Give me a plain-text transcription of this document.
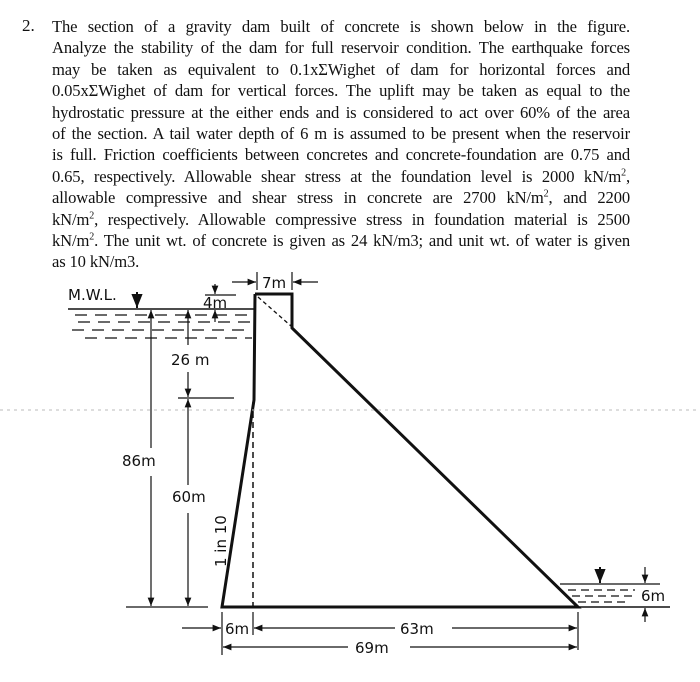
2. The section of a gravity dam built of concrete is shown below in the figure.
Analyze the stability of the dam for full reservoir condition. The earthquake forces
may be taken as equivalent to 0.1xΣWighet of dam for horizontal forces and
0.05xΣWighet of dam for vertical forces. The uplift may be taken as equal to the
hydrostatic pressure at the either ends and is considered to act over 60% of the area
of the section. A tail water depth of 6 m is assumed to be present when the reservoir
is full. Friction coefficients between concretes and concrete-foundation are 0.75 and
0.65, respectively. Allowable shear stress at the foundation level is 2000 $kN/m^2$,
allowable compressive and shear stress in concrete are 2700 $kN/m^2$, and 2200
$kN/m^2$, respectively. Allowable compressive stress in foundation material is 2500
$kN/m^2$. The unit wt. of concrete is given as 24 kN/m3; and unit wt. of water is given
as 10 kN/m3.
M.W.L.
7m
4m
26 m
86m
60m
1 in 10
6m	63m
69m
6m
